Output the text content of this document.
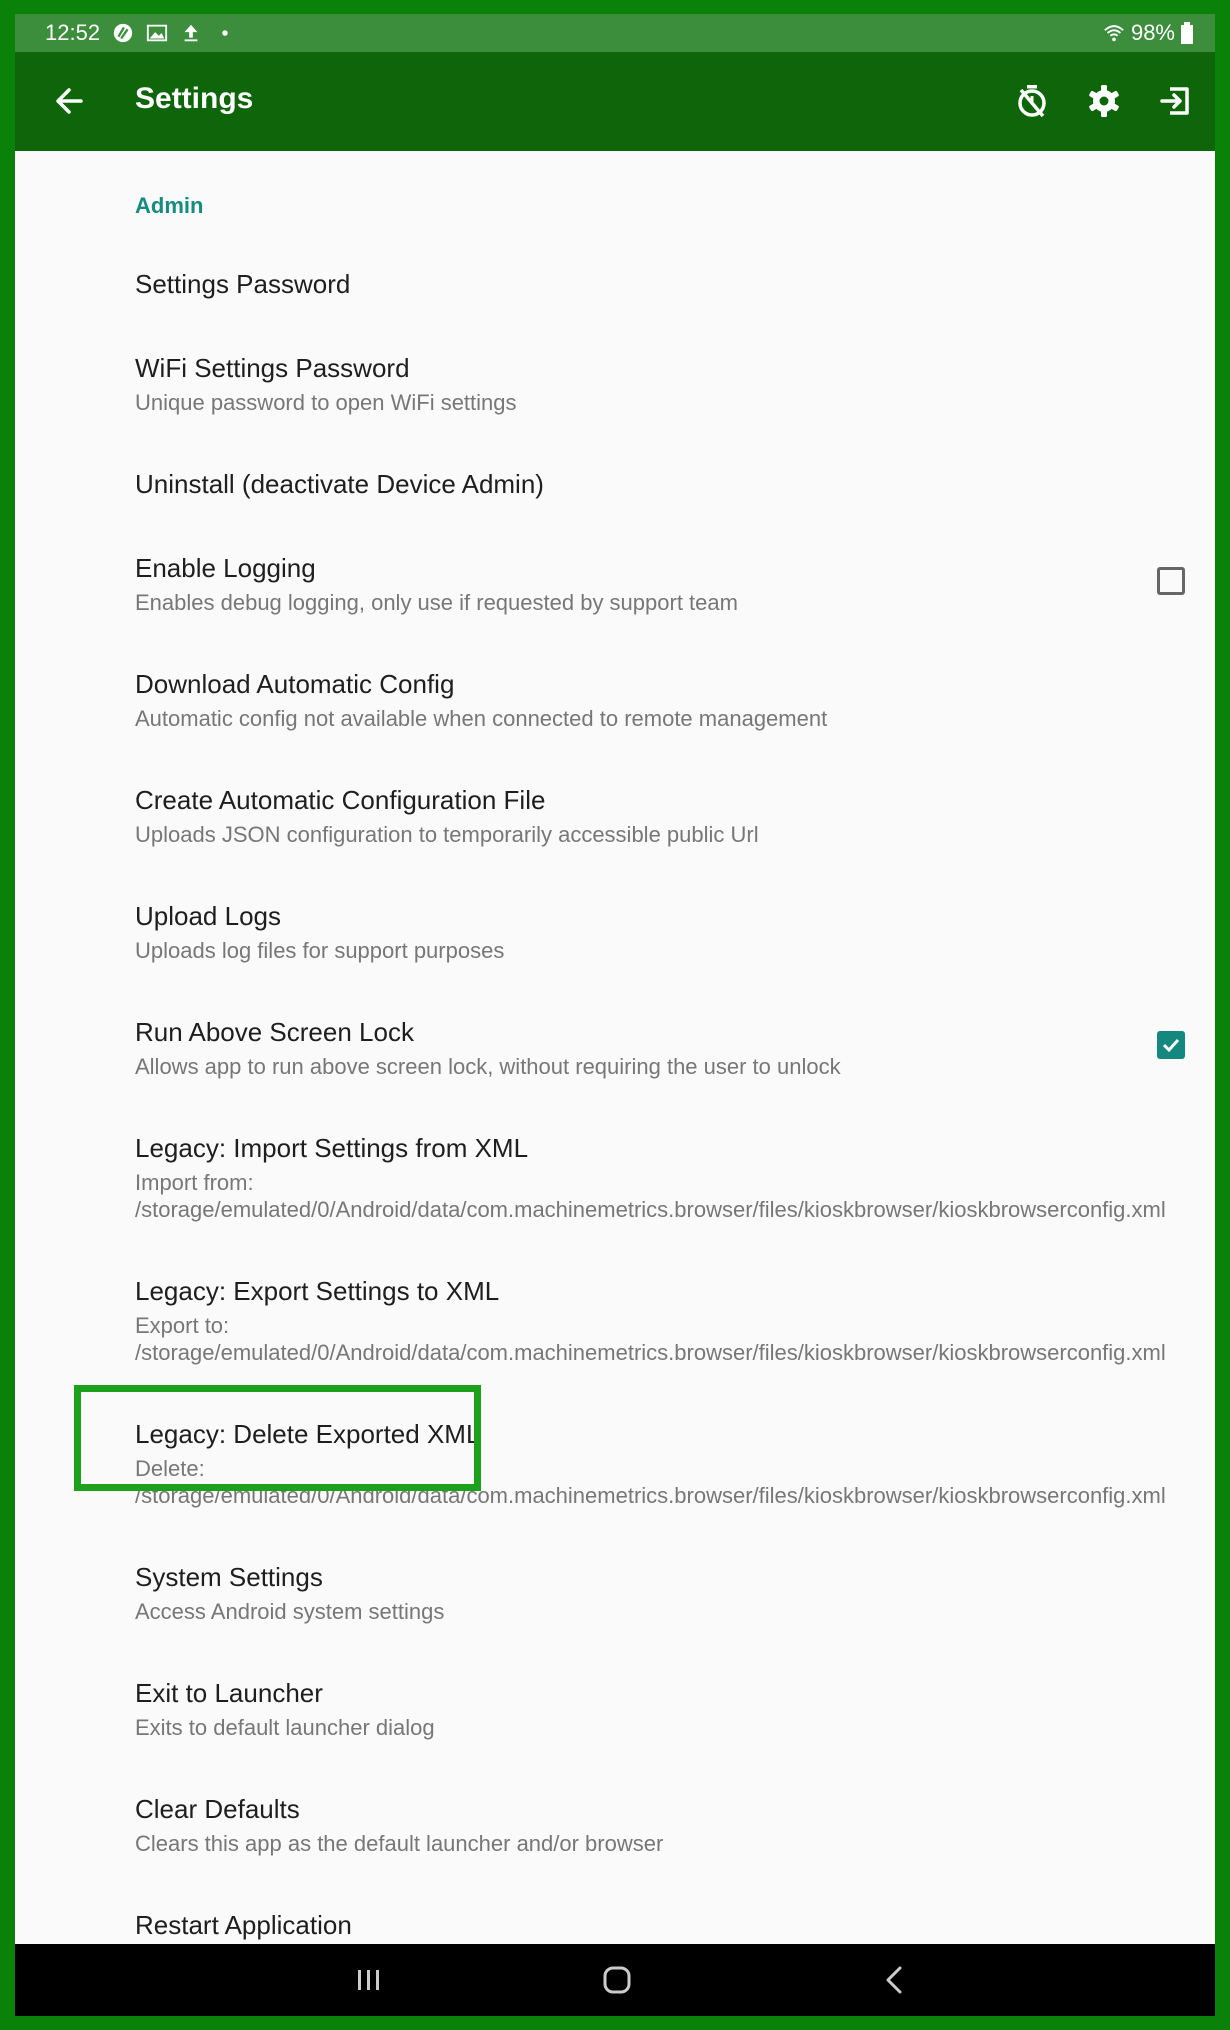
12:52	98%
Settings
Admin
Settings Password
WiFi Settings Password
Unique password to open WiFi settings
Uninstall (deactivate Device Admin)
Enable Logging
Enables debug logging, only use if requested by support team
Download Automatic Config
Automatic config not available when connected to remote management
Create Automatic Configuration File
Uploads JSON configuration to temporarily accessible public Url
Upload Logs
Uploads log files for support purposes
Run Above Screen Lock
Allows app to run above screen lock, without requiring the user to unlock
Legacy: Import Settings from XML
Import from: /storage/emulated/0/Android/data/com.machinemetrics.browser/files/kioskbrowser/kioskbrowserconfig.xml
Legacy: Export Settings to XML
Export to: /storage/emulated/0/Android/data/com.machinemetrics.browser/files/kioskbrowser/kioskbrowserconfig.xml
Legacy: Delete Exported XML
Delete: /storage/emulated/0/Android/data/com.machinemetrics.browser/files/kioskbrowser/kioskbrowserconfig.xml
System Settings
Access Android system settings
Exit to Launcher
Exits to default launcher dialog
Clear Defaults
Clears this app as the default launcher and/or browser
Restart Application
